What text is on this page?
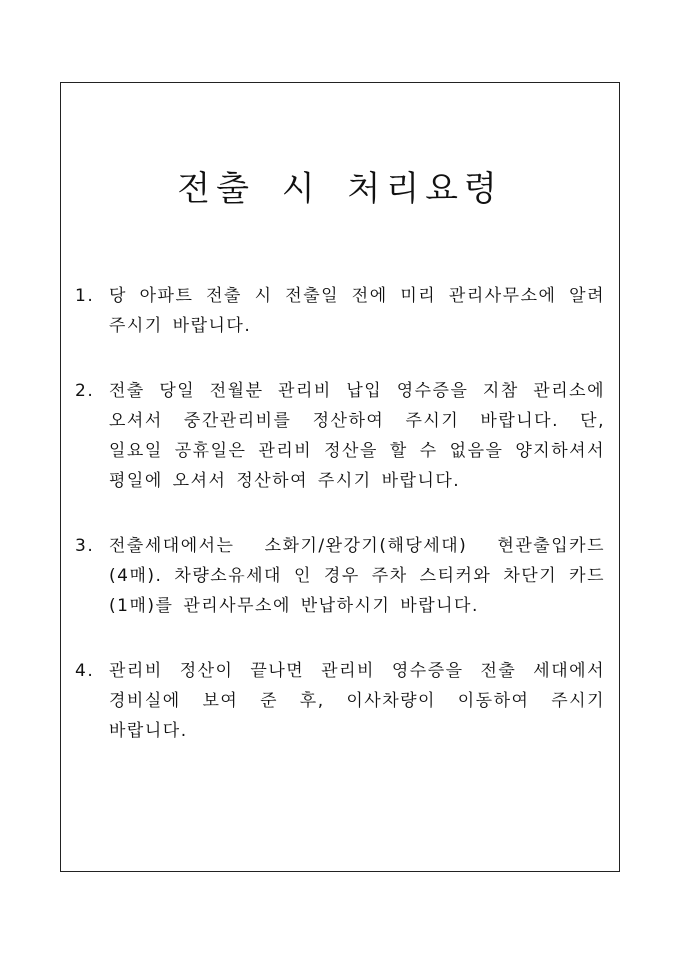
전출 시 처리요령
1. 당 아파트 전출 시 전출일 전에 미리 관리사무소에 알려 주시기 바랍니다.
2. 전출 당일 전월분 관리비 납입 영수증을 지참 관리소에 오셔서 중간관리비를 정산하여 주시기 바랍니다. 단, 일요일 공휴일은 관리비 정산을 할 수 없음을 양지하셔서 평일에 오셔서 정산하여 주시기 바랍니다.
3. 전출세대에서는 소화기/완강기(해당세대) 현관출입카드(4매). 차량소유세대 인 경우 주차 스티커와 차단기 카드(1매)를 관리사무소에 반납하시기 바랍니다.
4. 관리비 정산이 끝나면 관리비 영수증을 전출 세대에서 경비실에 보여 준 후, 이사차량이 이동하여 주시기 바랍니다.
